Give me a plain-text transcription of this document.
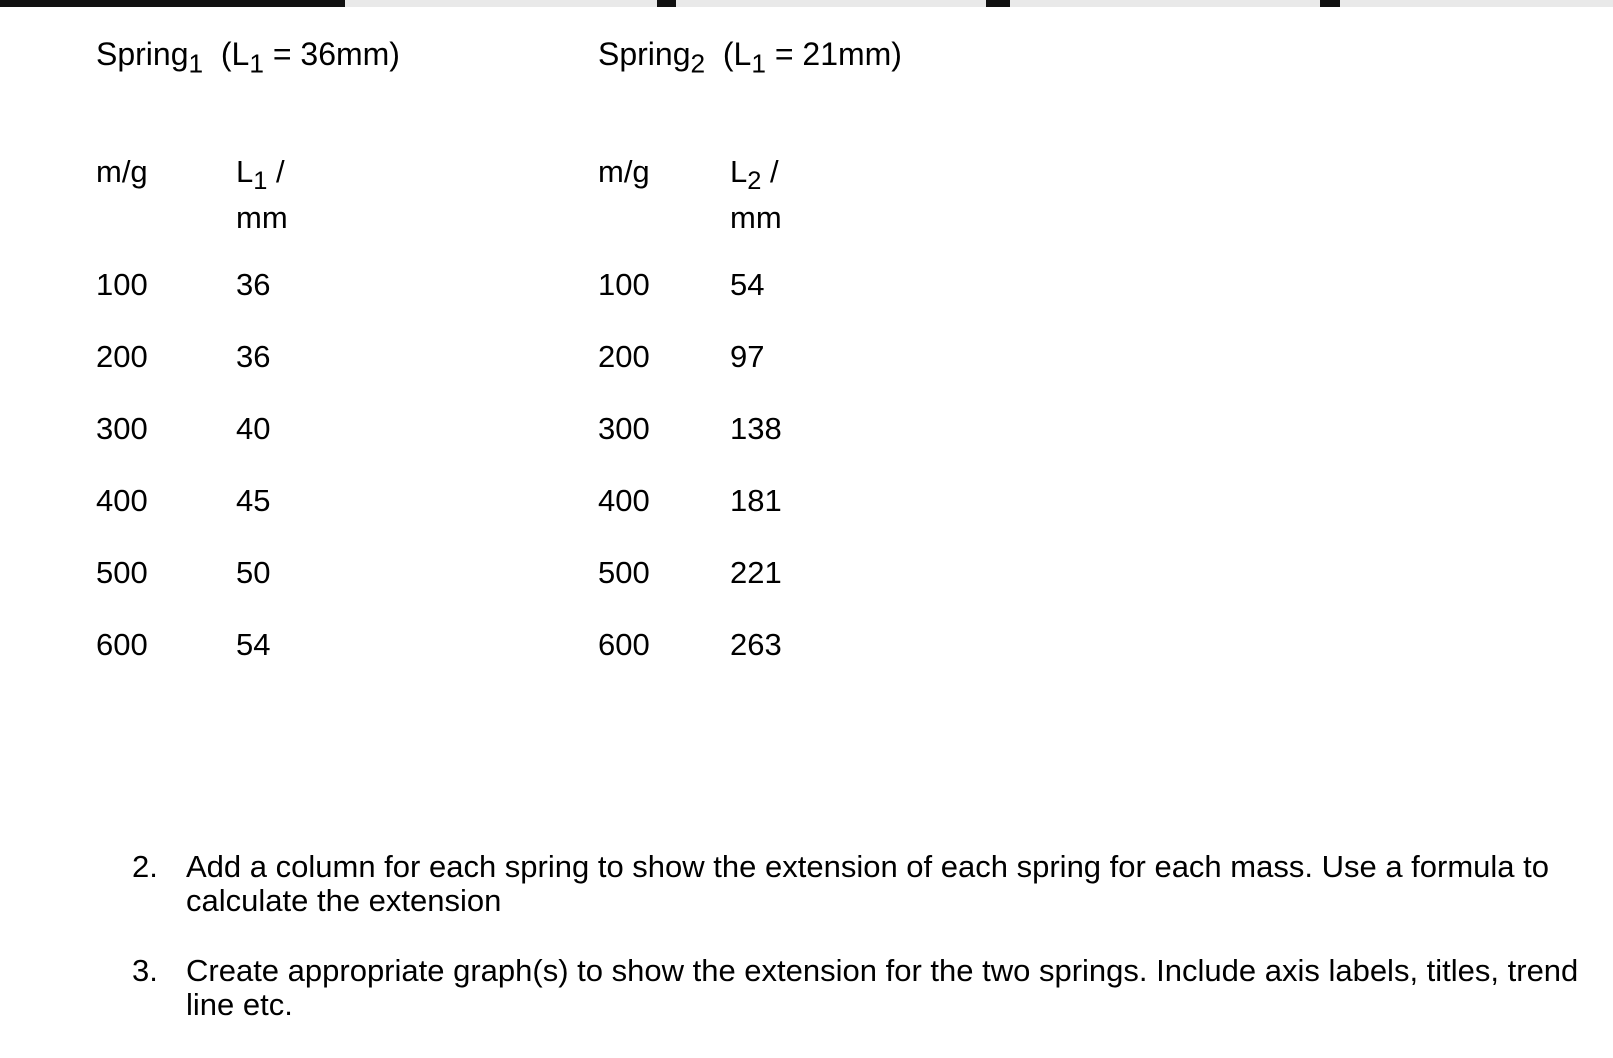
Spring$_1$ $(L_1 = 36mm)$	Spring$_2$ $(L_1 = 21mm)$
m/g	$L_1$ /
mm
m/g	$L_2$ /
mm
100	36
200	36
300	40
400	45
500	50
600	54
100	54
200	97
300	138
400	181
500	221
600	263
2. Add a column for each spring to show the extension of each spring for each mass. Use a formula to calculate the extension
3. Create appropriate graph(s) to show the extension for the two springs. Include axis labels, titles, trend line etc.
